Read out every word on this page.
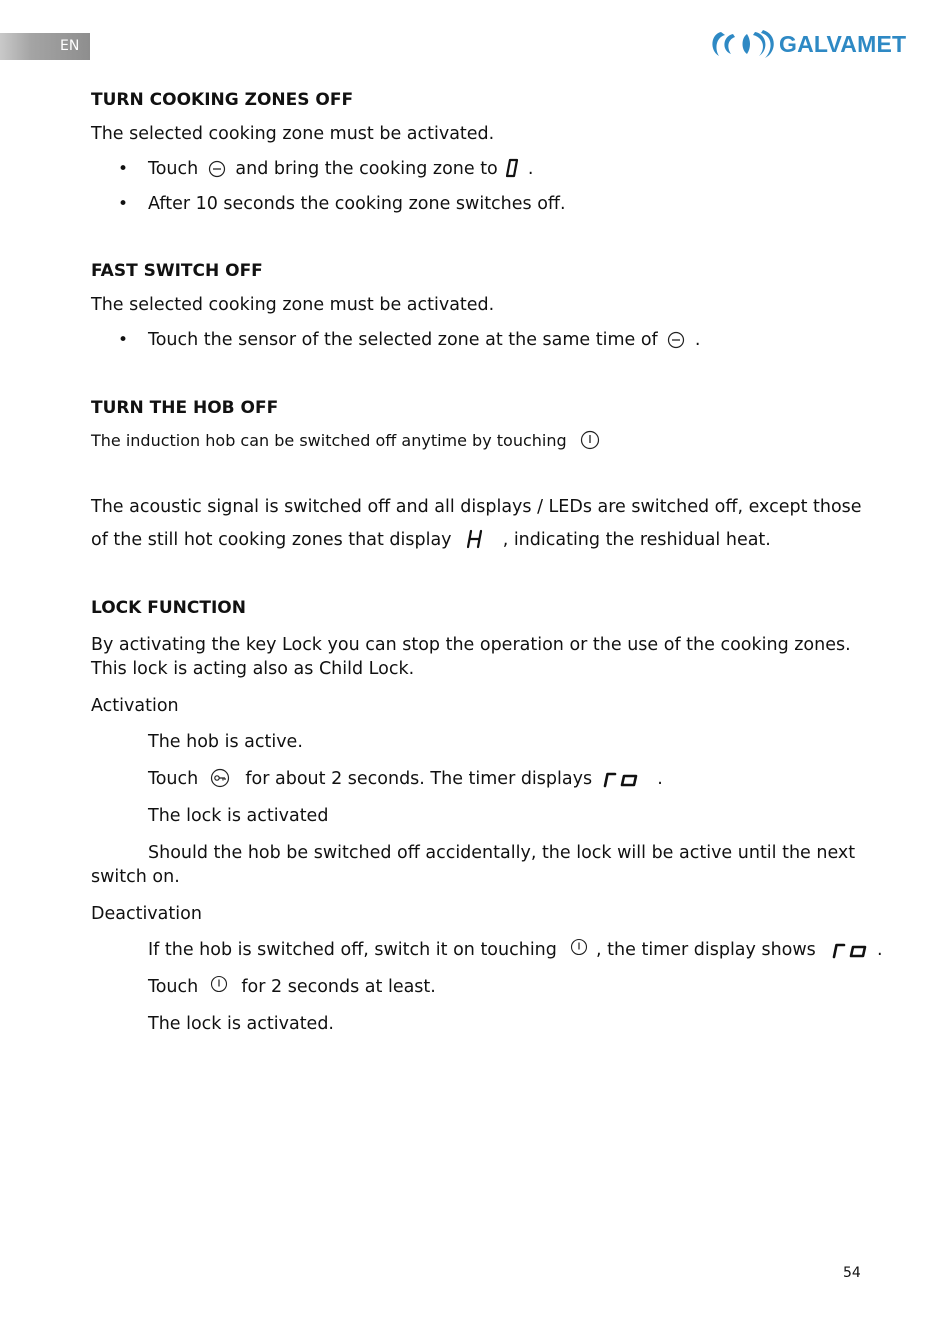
EN	GALVAMET
TURN COOKING ZONES OFF
The selected cooking zone must be activated.
• Touch and bring the cooking zone to .
• After 10 seconds the cooking zone switches off.
FAST SWITCH OFF
The selected cooking zone must be activated.
• Touch the sensor of the selected zone at the same time of .
TURN THE HOB OFF
The induction hob can be switched off anytime by touching
The acoustic signal is switched off and all displays / LEDs are switched off, except those
of the still hot cooking zones that display	, indicating the reshidual heat.
LOCK FUNCTION
By activating the key Lock you can stop the operation or the use of the cooking zones.
This lock is acting also as Child Lock.
Activation
The hob is active.
Touch	for about 2 seconds. The timer displays	.
The lock is activated
Should the hob be switched off accidentally, the lock will be active until the next
switch on.
Deactivation
If the hob is switched off, switch it on touching , the timer display shows	.
Touch for 2 seconds at least.
The lock is activated.
54
